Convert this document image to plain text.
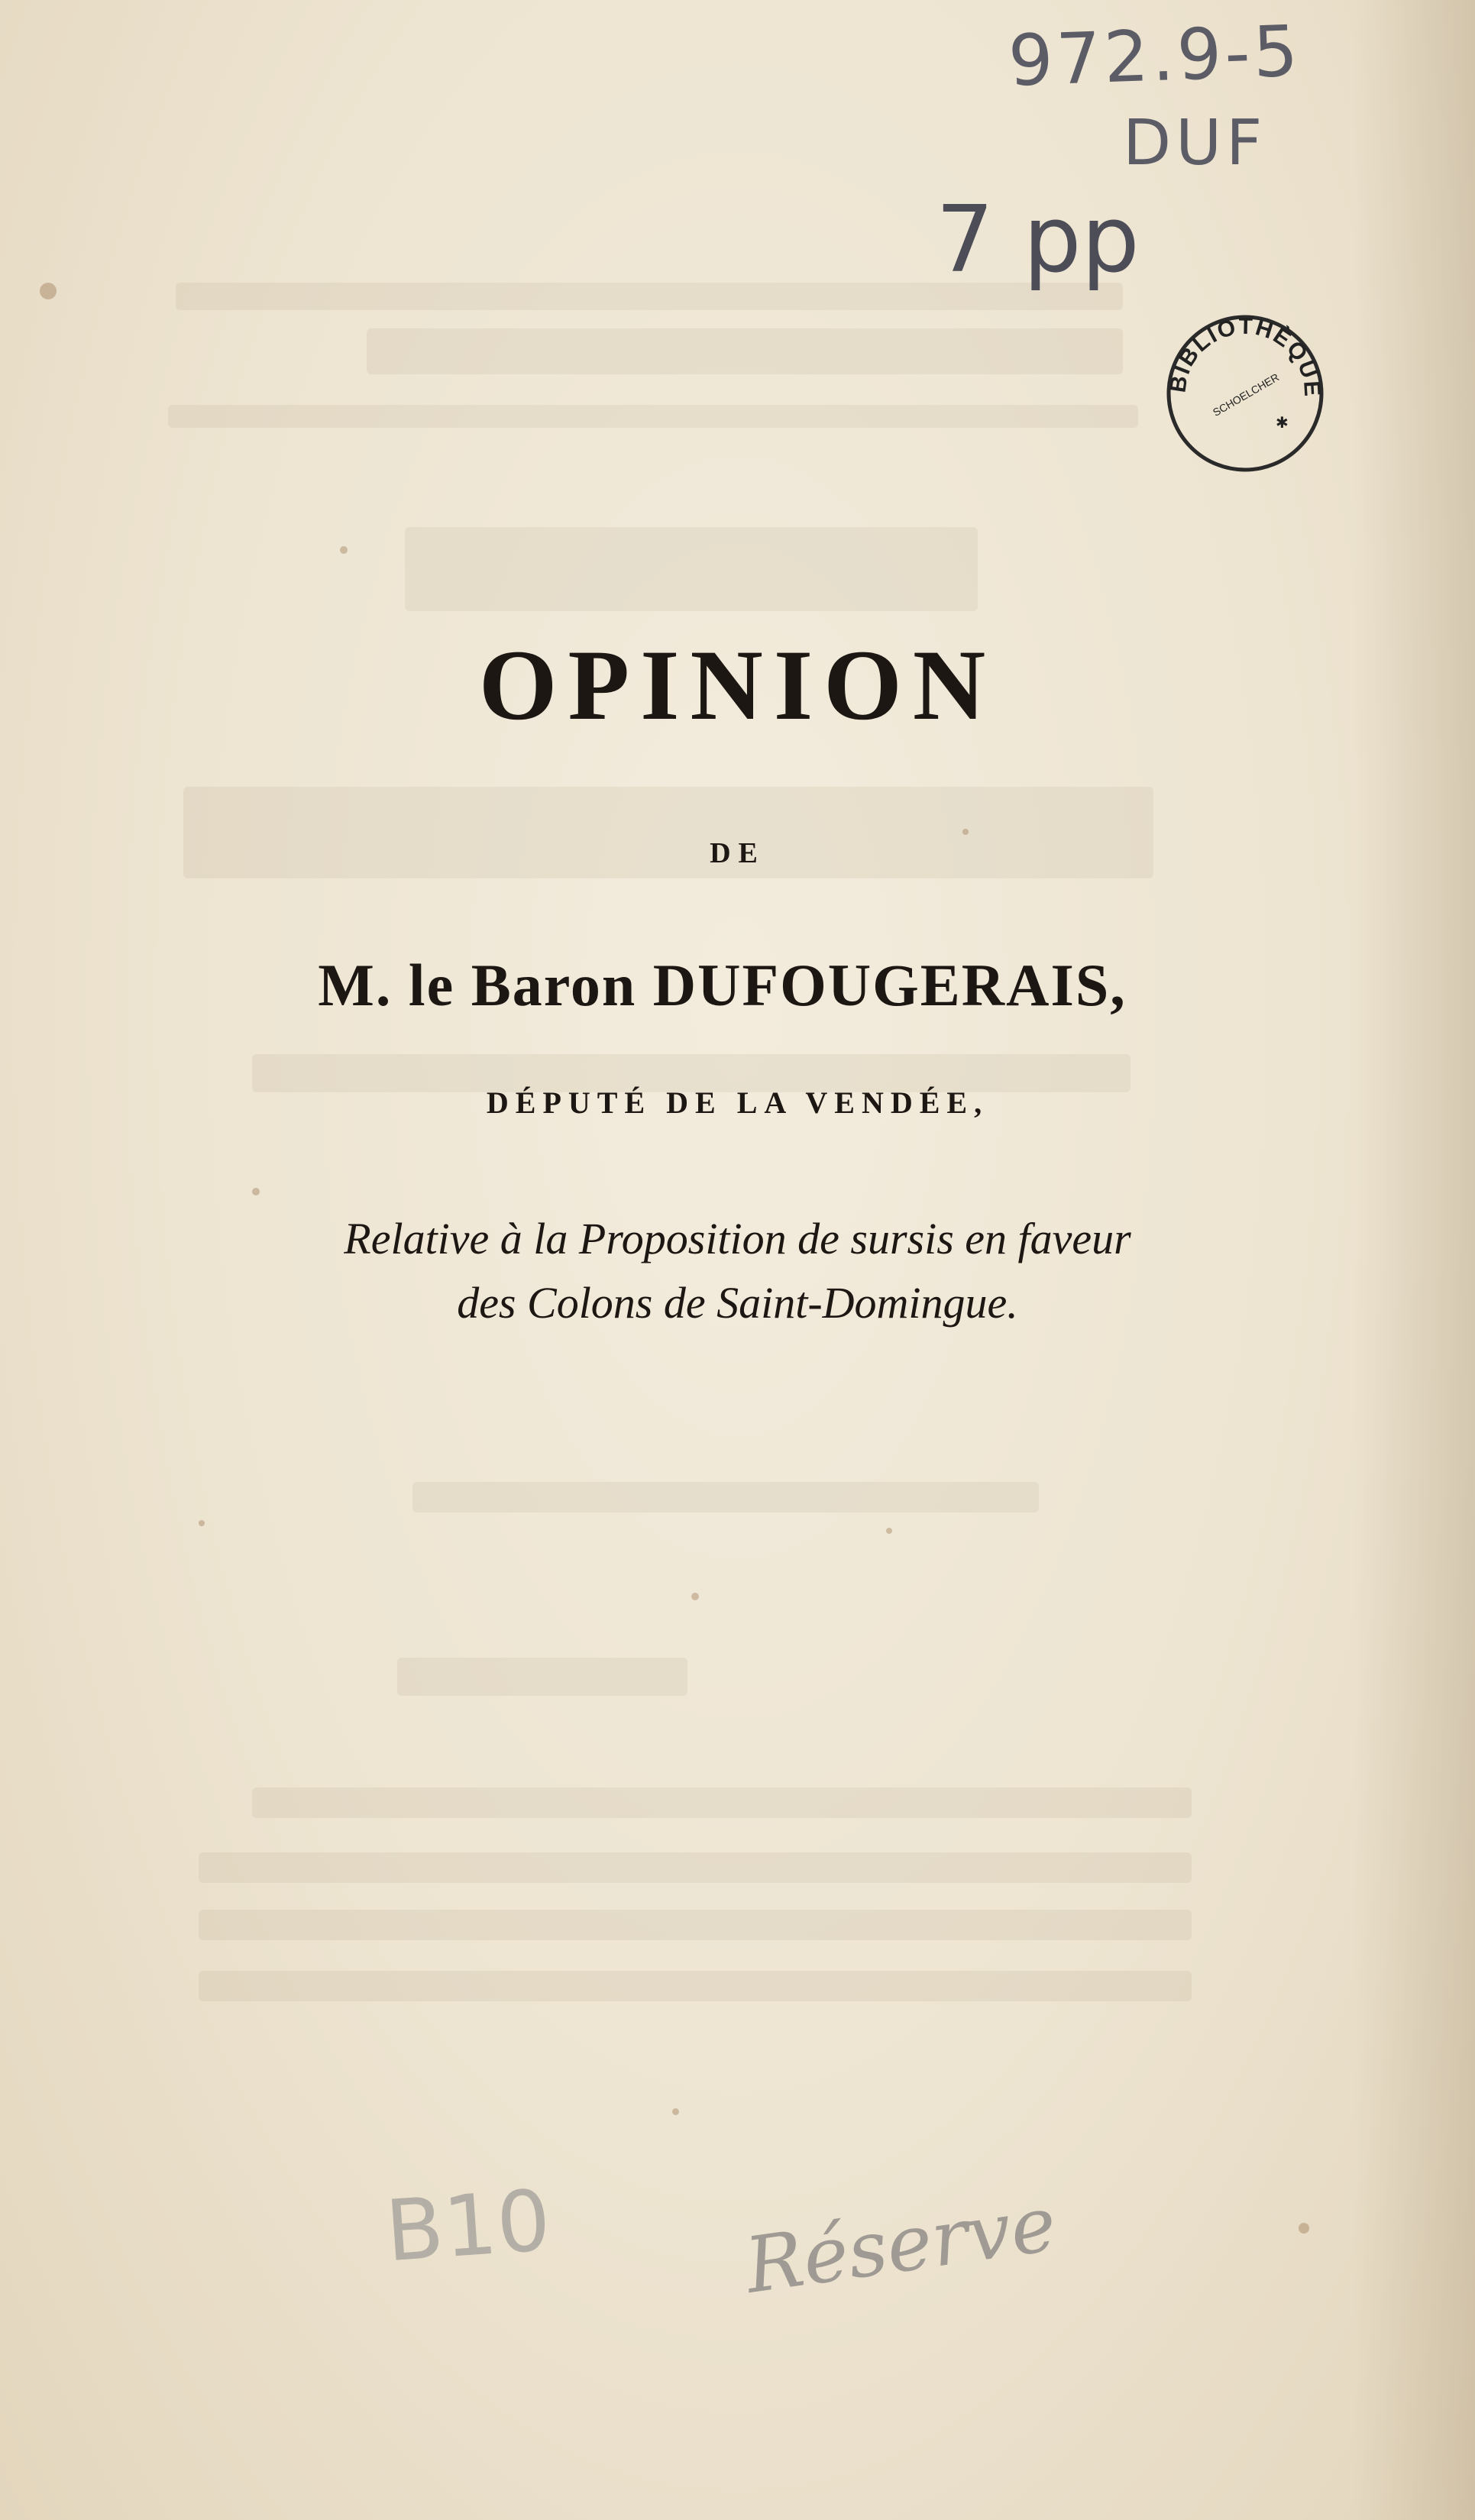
972.9-5
DUF
7 pp
BIBLIOTHÈQUE
SCHOELCHER
✱
OPINION
DE
M. le Baron DUFOUGERAIS,
DÉPUTÉ DE LA VENDÉE,
Relative à la Proposition de sursis en faveur
des Colons de Saint-Domingue.
B10 Réserve
